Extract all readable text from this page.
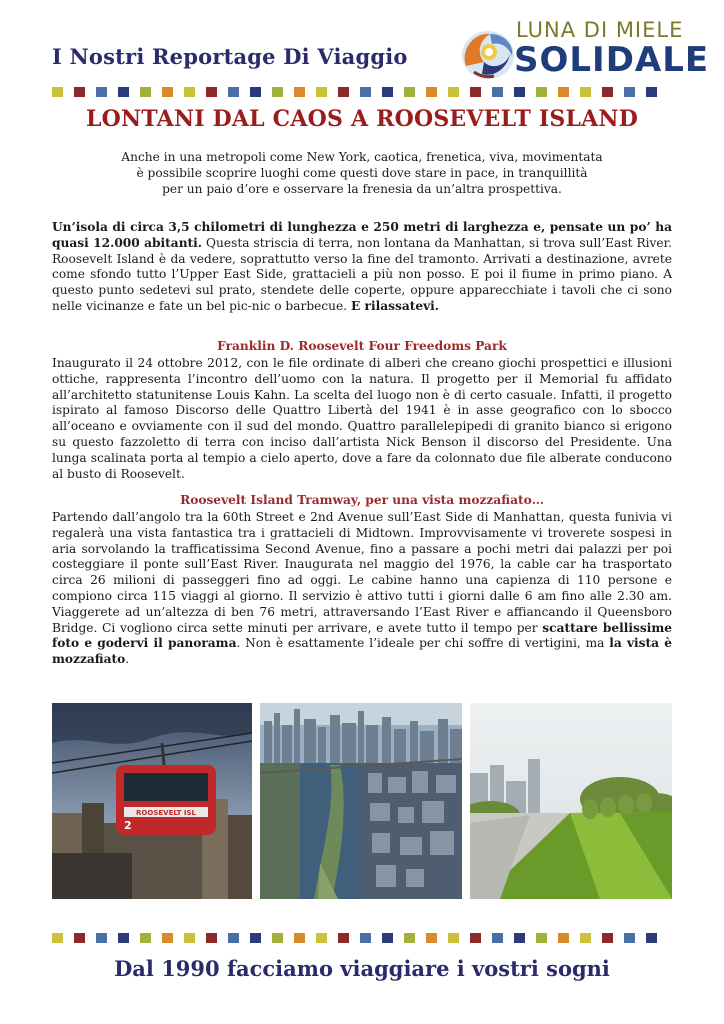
I Nostri Reportage Di Viaggio
LUNA DI MIELE
SOLIDALE
LONTANI DAL CAOS A ROOSEVELT ISLAND
Anche in una metropoli come New York, caotica, frenetica, viva, movimentata
è possibile scoprire luoghi come questi dove stare in pace, in tranquillità
per un paio d’ore e osservare la frenesia da un’altra prospettiva.
Un’isola di circa 3,5 chilometri di lunghezza e 250 metri di larghezza e, pensate un po’ ha quasi 12.000 abitanti. Questa striscia di terra, non lontana da Manhattan, si trova sull’East River. Roosevelt Island è da vedere, soprattutto verso la fine del tramonto. Arrivati a destinazione, avrete come sfondo tutto l’Upper East Side, grattacieli a più non posso. E poi il fiume in primo piano. A questo punto sedetevi sul prato, stendete delle coperte, oppure apparecchiate i tavoli che ci sono nelle vicinanze e fate un bel pic-nic o barbecue. E rilassatevi.
Franklin D. Roosevelt Four Freedoms Park
Inaugurato il 24 ottobre 2012, con le file ordinate di alberi che creano giochi prospettici e illusioni ottiche, rappresenta l’incontro dell’uomo con la natura. Il progetto per il Memorial fu affidato all’architetto statunitense Louis Kahn. La scelta del luogo non è di certo casuale. Infatti, il progetto ispirato al famoso Discorso delle Quattro Libertà del 1941 è in asse geografico con lo sbocco all’oceano e ovviamente con il sud del mondo. Quattro parallelepipedi di granito bianco si erigono su questo fazzoletto di terra con inciso dall’artista Nick Benson il discorso del Presidente. Una lunga scalinata porta al tempio a cielo aperto, dove a fare da colonnato due file alberate conducono al busto di Roosevelt.
Roosevelt Island Tramway, per una vista mozzafiato…
Partendo dall’angolo tra la 60th Street e 2nd Avenue sull’East Side di Manhattan, questa funivia vi regalerà una vista fantastica tra i grattacieli di Midtown. Improvvisamente vi troverete sospesi in aria sorvolando la trafficatissima Second Avenue, fino a passare a pochi metri dai palazzi per poi costeggiare il ponte sull’East River. Inaugurata nel maggio del 1976, la cable car ha trasportato circa 26 milioni di passeggeri fino ad oggi. Le cabine hanno una capienza di 110 persone e compiono circa 115 viaggi al giorno. Il servizio è attivo tutti i giorni dalle 6 am fino alle 2.30 am. Viaggerete ad un’altezza di ben 76 metri, attraversando l’East River e affiancando il Queensboro Bridge. Ci vogliono circa sette minuti per arrivare, e avete tutto il tempo per scattare bellissime foto e godervi il panorama. Non è esattamente l’ideale per chi soffre di vertigini, ma la vista è mozzafiato.
ROOSEVELT ISL
2
Dal 1990 facciamo viaggiare i vostri sogni
